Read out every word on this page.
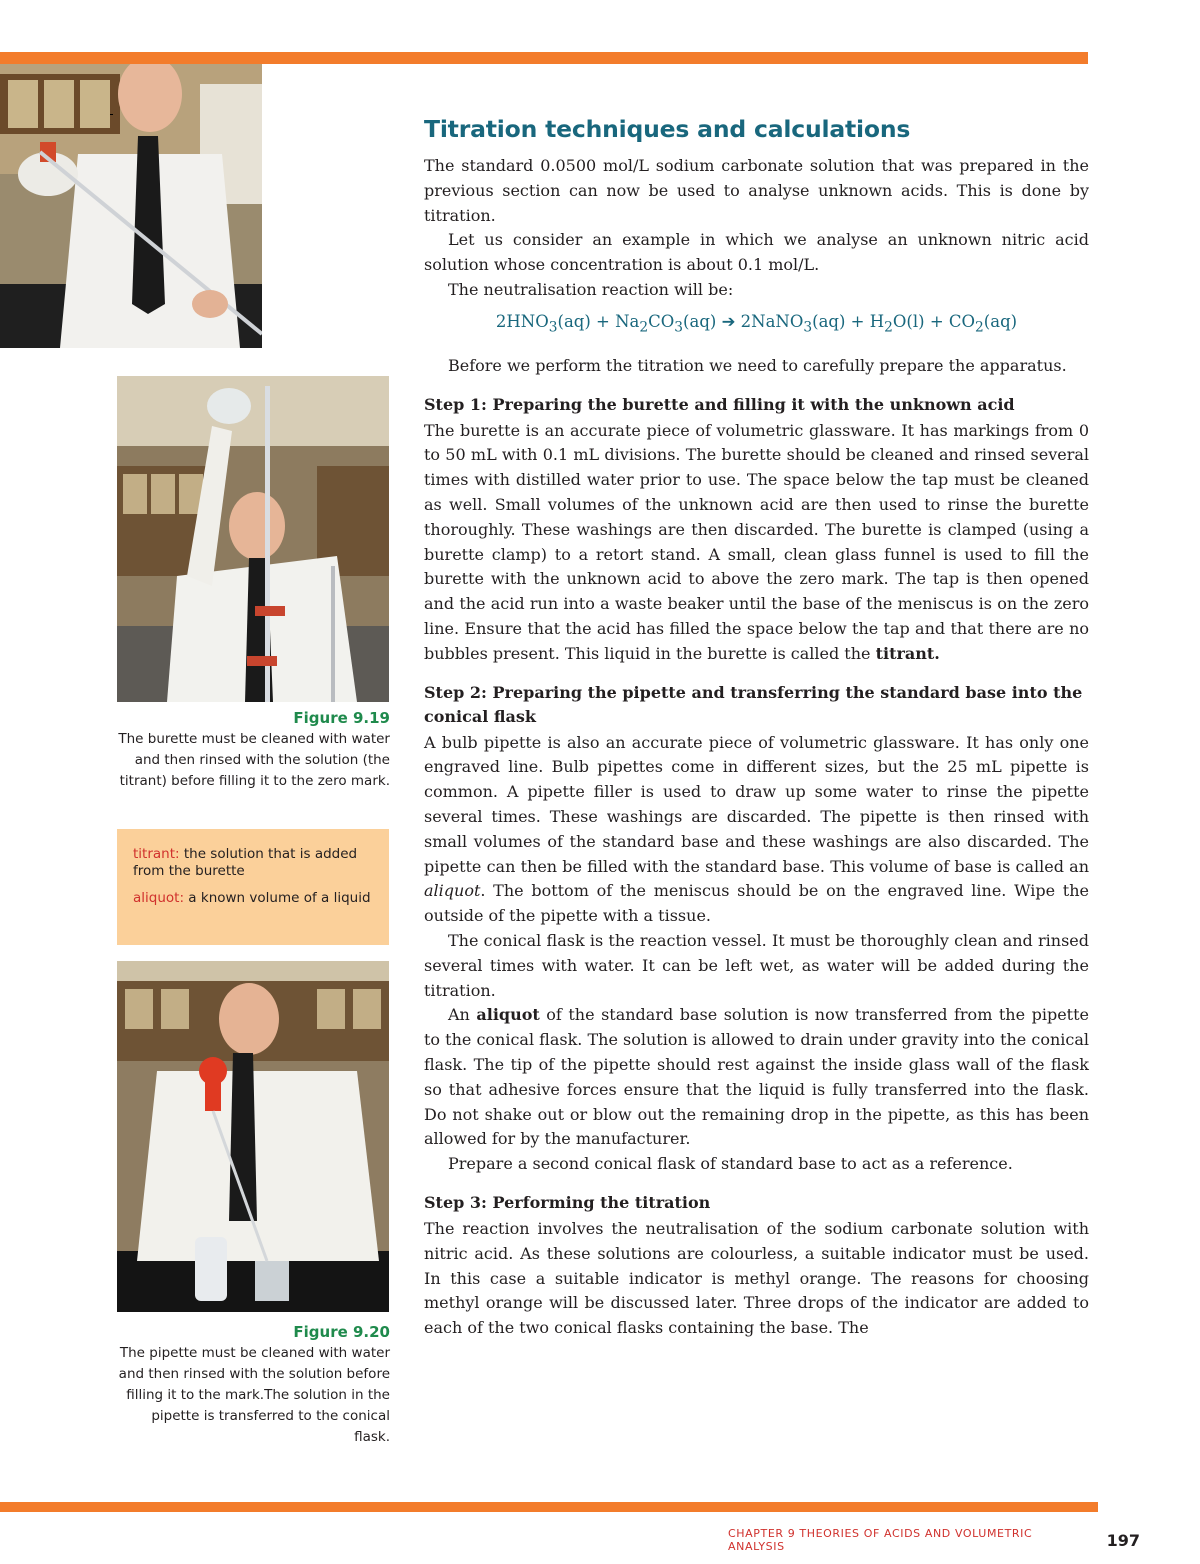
Figure 9.19
The burette must be cleaned with water and then rinsed with the solution (the titrant) before filling it to the zero mark.

titrant: the solution that is added from the burette

aliquot: a known volume of a liquid

Figure 9.20
The pipette must be cleaned with water and then rinsed with the solution before filling it to the mark.The solution in the pipette is transferred to the conical flask.
Titration techniques and calculations

The standard 0.0500 mol/L sodium carbonate solution that was prepared in the previous section can now be used to analyse unknown acids. This is done by titration.

Let us consider an example in which we analyse an unknown nitric acid solution whose concentration is about 0.1 mol/L.

The neutralisation reaction will be:

$2HNO_3(aq) + Na_2CO_3(aq)$ ➔ 2NaNO$_3$(aq) + $H_2O(l) + CO_2(aq)$

Before we perform the titration we need to carefully prepare the apparatus.

Step 1: Preparing the burette and filling it with the unknown acid

The burette is an accurate piece of volumetric glassware. It has markings from 0 to 50 mL with 0.1 mL divisions. The burette should be cleaned and rinsed several times with distilled water prior to use. The space below the tap must be cleaned as well. Small volumes of the unknown acid are then used to rinse the burette thoroughly. These washings are then discarded. The burette is clamped (using a burette clamp) to a retort stand. A small, clean glass funnel is used to fill the burette with the unknown acid to above the zero mark. The tap is then opened and the acid run into a waste beaker until the base of the meniscus is on the zero line. Ensure that the acid has filled the space below the tap and that there are no bubbles present. This liquid in the burette is called the titrant.

Step 2: Preparing the pipette and transferring the standard base into the conical flask

A bulb pipette is also an accurate piece of volumetric glassware. It has only one engraved line. Bulb pipettes come in different sizes, but the 25 mL pipette is common. A pipette filler is used to draw up some water to rinse the pipette several times. These washings are discarded. The pipette is then rinsed with small volumes of the standard base and these washings are also discarded. The pipette can then be filled with the standard base. This volume of base is called an aliquot. The bottom of the meniscus should be on the engraved line. Wipe the outside of the pipette with a tissue.

The conical flask is the reaction vessel. It must be thoroughly clean and rinsed several times with water. It can be left wet, as water will be added during the titration.

An aliquot of the standard base solution is now transferred from the pipette to the conical flask. The solution is allowed to drain under gravity into the conical flask. The tip of the pipette should rest against the inside glass wall of the flask so that adhesive forces ensure that the liquid is fully transferred into the flask. Do not shake out or blow out the remaining drop in the pipette, as this has been allowed for by the manufacturer.

Prepare a second conical flask of standard base to act as a reference.

Step 3: Performing the titration

The reaction involves the neutralisation of the sodium carbonate solution with nitric acid. As these solutions are colourless, a suitable indicator must be used. In this case a suitable indicator is methyl orange. The reasons for choosing methyl orange will be discussed later. Three drops of the indicator are added to each of the two conical flasks containing the base. The

CHAPTER 9 THEORIES OF ACIDS AND VOLUMETRIC ANALYSIS	197
